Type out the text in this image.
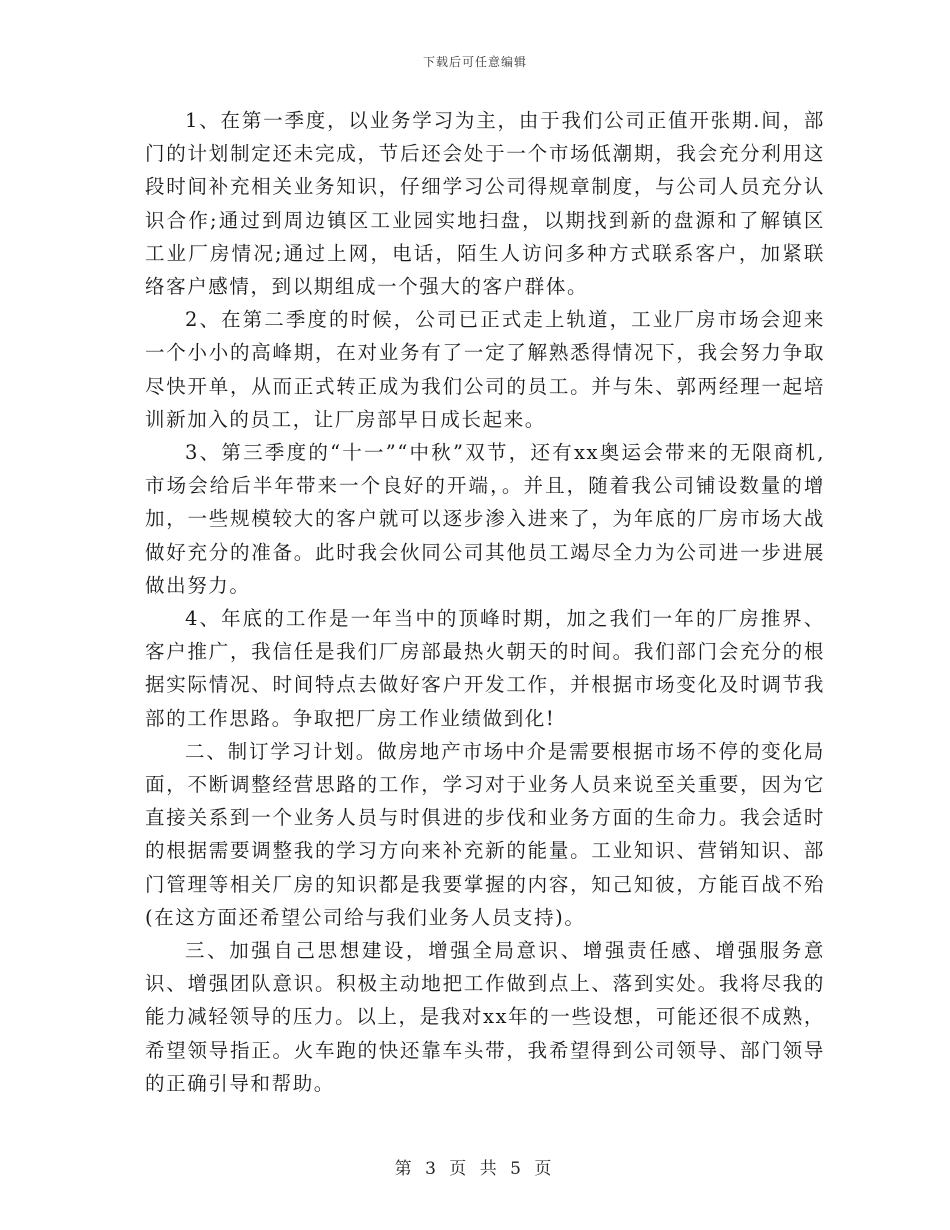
下载后可任意编辑

1、在第一季度，以业务学习为主，由于我们公司正值开张期.间，部门的计划制定还未完成，节后还会处于一个市场低潮期，我会充分利用这段时间补充相关业务知识，仔细学习公司得规章制度，与公司人员充分认识合作;通过到周边镇区工业园实地扫盘，以期找到新的盘源和了解镇区工业厂房情况;通过上网，电话，陌生人访问多种方式联系客户，加紧联络客户感情，到以期组成一个强大的客户群体。

2、在第二季度的时候，公司已正式走上轨道，工业厂房市场会迎来一个小小的高峰期，在对业务有了一定了解熟悉得情况下，我会努力争取尽快开单，从而正式转正成为我们公司的员工。并与朱、郭两经理一起培训新加入的员工，让厂房部早日成长起来。

3、第三季度的“十一”“中秋”双节，还有xx奥运会带来的无限商机,市场会给后半年带来一个良好的开端，。并且，随着我公司铺设数量的增加，一些规模较大的客户就可以逐步渗入进来了，为年底的厂房市场大战做好充分的准备。此时我会伙同公司其他员工竭尽全力为公司进一步进展做出努力。

4、年底的工作是一年当中的顶峰时期，加之我们一年的厂房推界、客户推广，我信任是我们厂房部最热火朝天的时间。我们部门会充分的根据实际情况、时间特点去做好客户开发工作，并根据市场变化及时调节我部的工作思路。争取把厂房工作业绩做到化!

二、制订学习计划。做房地产市场中介是需要根据市场不停的变化局面，不断调整经营思路的工作，学习对于业务人员来说至关重要，因为它直接关系到一个业务人员与时俱进的步伐和业务方面的生命力。我会适时的根据需要调整我的学习方向来补充新的能量。工业知识、营销知识、部门管理等相关厂房的知识都是我要掌握的内容，知己知彼，方能百战不殆(在这方面还希望公司给与我们业务人员支持)。

三、加强自己思想建设，增强全局意识、增强责任感、增强服务意识、增强团队意识。积极主动地把工作做到点上、落到实处。我将尽我的能力减轻领导的压力。以上，是我对xx年的一些设想，可能还很不成熟，希望领导指正。火车跑的快还靠车头带，我希望得到公司领导、部门领导的正确引导和帮助。

第 3 页 共 5 页
